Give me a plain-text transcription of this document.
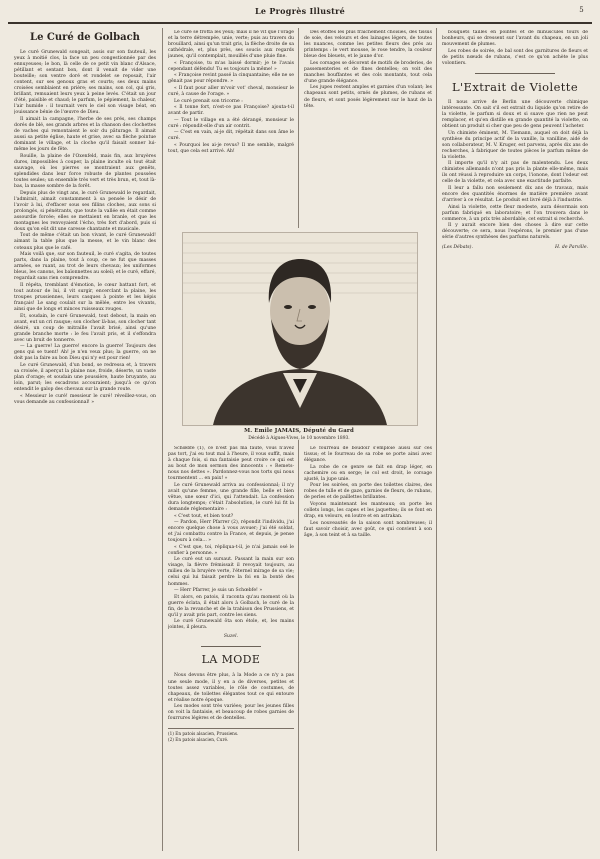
Le Progrès Illustré	5
Le Curé de Golbach

Le curé Grunewald songeait, assis sur son fauteuil, les yeux à moitié clos, la face un peu congestionnée par des ennuyeuses; le bon, là celle de ce petit vin blanc d'Alsace, pétillant et sentant bon, dont il venait de vider une bouteille; son ventre doré et rondelet se reposait, l'air content, sur ses genoux gras et courts; ses deux mains croisées semblaient en prière; ses mains, son col, qui gris, brillant, remuaient leurs yeux à peine levés. C'était un jour d'été, paisible et chaud; le parfum, le pépiement, la chaleur, l'air humide : il tournait vers le ciel son visage béat, en jouissance bénie de l'œuvre de Dieu.

Il aimait la campagne, l'herbe de ses prés, ses champs dorés de blé, ses grands arbres et la chanson des clochettes de vaches qui remontaient le soir du pâturage. Il aimait aussi sa petite église, haute et grise, avec sa flèche pointue dominant le village, et la cloche qu'il faisait sonner lui-même les jours de fête.

Rouille, la plaine de l'Oxenfeld, mais fin, aux bruyères dures, impossibles à couper, la plaine inculte où tout était sauvage, où les pierres se montraient aux genêts, splendides dans leur force robuste de plantes poussées toutes seules; un ensemble très vert et très brun, et, tout là-bas, la masse sombre de la forêt.

Depuis plus de vingt ans, le curé Grunewald le regardait, l'admirait, aimait constamment à sa pensée le désir de l'avoir à lui, d'effacer sous ses fillins cloches, aux sons si prolongés, si pénétrants, que toute la vallée en était comme assourdie forcée; elles se mettaient en branle, et que les montagnes les renvoyaient l'écho, très fort d'abord, puis si doux qu'on eût dit une caresse chantante et musicale.

Tout de même c'était un bon vivant, le curé Grunewald! aimant la table plus que la messe, et le vin blanc des coteaux plus que le café.

Mais voilà que, sur son fauteuil, le curé s'agita, de toutes parts, dans la plaine, tout à coup, ce ne fut que masses armées, se ruant, au trot de leurs chevaux; les uniformes bleus, les canons, les baïonnettes au soleil; et le curé, effaré, regardait sans rien comprendre.

Il répéta, tremblant d'émotion, le cœur battant fort, et tout autour de lui, il vit surgir, encerclant la plaine, les troupes prussiennes, leurs casques à pointe et les képis français! Le sang coulait sur la mêlée, entre les vivants, ainsi que de longs et minces ruisseaux rouges.

Et, soudain, le curé Grunewald, tout debout, la main en avant, eut un cri rauque; son clocher là-bas, son clocher tant désiré, un coup de mitraille l'avait brisé, ainsi qu'une grande branche morte : le feu l'avait pris, et il s'effondra avec un bruit de tonnerre.

— La guerre! La guerre! encore la guerre! Toujours des gens qui se tuent! Ah! je n'en veux plus; la guerre, on ne doit pas la faire au bon Dieu qui n'y est pour rien!

Le curé Grunewald, d'un bond, se redressa et, à travers sa croisée, il aperçut la plaine nue, froide, déserte, un vaste plan d'orage; et soudain une poussière, haute bruyante, au loin, parut; les escadrons accouraient; jusqu'à ce qu'on entendit le galop des chevaux sur la grande route.

« Messieur le curé! messieur le curé! réveillez-vous, on vous demande au confessionnal! »

Le curé se frotta les yeux; mais il ne vit que l'orage et la terre détrempée, unie, verte; puis au travers du brouillard, ainsi qu'un trait gris, la flèche droite de sa cathédrale, et, plus près, ses soucis aux regards jaunes, qu'il contemplait, mouillés d'une pluie fine.

« Françoise, tu m'as laissé dormir; je te l'avais cependant défendu! Tu es toujours la même! »

« Françoise revint passé la cinquantaine; elle ne se gênait pas pour répondre. »

« Il faut pour aller m'voir vot' cheval, monsieur le curé, à cause de l'orage. »

Le curé prenait son tricorne :

« Il tonne fort, n'est-ce pas Françoise? ajouta-t-il avant de partir.

— Tout le village en a été dérangé, monsieur le curé : répondit-elle d'un air contrit.

— C'est en vain, ai-je dit, répétait dans son âme le curé.

« Pourquoi les ai-je revus? Il me semble, malgré tout, que cela est arrivé. Ah!

Des étoffes les plus fraîchement choisies, des tissus de soie, des velours et des lainages légers, de toutes les nuances, comme les petites fleurs des prés au printemps : le vert mousse, le rose tendre, la couleur bleue des bleuets, et le jaune d'or.

Les corsages se décorent de motifs de broderies, de passementeries et de fines dentelles; on voit des manches bouffantes et des cols montants, tout cela d'une grande élégance.

Les jupes restent amples et garnies d'un volant; les chapeaux sont petits, ornés de plumes, de rubans et de fleurs, et sont posés légèrement sur le haut de la tête.

M. Emile JAMAIS, Député du Gard
Décédé à Aigues-Vives, le 10 novembre 1893.

Schœbfe (1), ce n'est pas ma faute, vous n'avez pas tort, j'ai eu tout mal à l'heure, il vous suffit, mais à chaque fois, si ma fantaisie peut croire ce qui est au bout de mon sermon des innocents : « Remets-nous nos dettes ». Pardonnez-vous nos torts qui nous tourmentent ... en paix! »

Le curé Grunewald arriva au confessionnal; il n'y avait qu'une femme, une grande fille, belle et bien vêtue, une sœur d'ici, qui l'attendait. La confession dura longtemps; c'était l'absolution, le curé lui fit la demande réglementaire :

« C'est tout, et bien tout?

— Pardon, Herr Pfarrer (2), répondit l'individu, j'ai encore quelque chose à vous avouer; j'ai été soldat, et j'ai combattu contre la France, et depuis, je pense toujours à cela... »

« C'est que, toi, répliqua-t-il, je n'ai jamais osé le confier à personne. »

Le curé eut un sursaut. Passant la main sur son visage, la fièvre frémissait il revoyait toujours, au milieu de la bruyère verte, l'éternel mirage de sa vie; celui qui lui faisait perdre la foi en la bonté des hommes.

— Herr Pfarrer, je suis un Schœbfe! »

Et alors, en patois, il raconta qu'au moment où la guerre éclata, il était alors à Golbach, le curé de la fin, de la revanche et de la trahison des Prussiens, et qu'il y avait pris part, contre les siens.

Le curé Grunewald ôta son étole, et, les mains jointes, il pleura.

Suzel.

LA MODE

Nous devons être plus, à la Mode a ce n'y a pas une seule mode, il y en a de diverses, petites et toutes assez variables, le rôle de costumes, de chapeaux, de toilettes élégantes tout ce qui entoure et réalise notre époque.

Les modes sont très variées; pour les jeunes filles on voit la fantaisie, et beaucoup de robes garnies de fourrures légères et de dentelles.

(1) En patois alsacien, Prussiens.
(2) En patois alsacien, Curé.

Le fourreau de boudoir s'emploie aussi sur ces tissus; et le fourreau de sa robe se porte ainsi avec élégance.

La robe de ce genre se fait en drap léger, en cachemire ou en serge; le col est droit, le corsage ajusté, la jupe unie.

Pour les soirées, on porte des toilettes claires, des robes de tulle et de gaze, garnies de fleurs, de rubans, de perles et de paillettes brillantes.

Voyons maintenant les manteaux; on porte les collets longs, les capes et les jaquettes; ils se font en drap, en velours, en loutre et en astrakan.

Les nouveautés de la saison sont nombreuses; il faut savoir choisir, avec goût, ce qui convient à son âge, à son teint et à sa taille.

bouquets taillés en pointes et de minuscules tours de bonheurs, qui se dressent sur l'avant du chapeau, en un joli mouvement de plumes.

Les robes de soirée, de bal sont des garnitures de fleurs et de petits nœuds de rubans, c'est ce qu'on achète le plus volontiers.

L'Extrait de Violette

Il nous arrive de Berlin une découverte chimique intéressante. On sait s'il est extrait du liquide qu'on retire de la violette, le parfum si doux et si suave que rien ne peut remplacer, et qu'en distille en grande quantité la violette, on obtient un produit si cher que peu de gens peuvent l'acheter.

Un chimiste éminent, M. Tiemann, auquel on doit déjà la synthèse du principe actif de la vanille, la vanilline, aidé de son collaborateur, M. V. Kruger, est parvenu, après dix ans de recherches, à fabriquer de toutes pièces le parfum même de la violette.

Il importe qu'il n'y ait pas de malentendu. Les deux chimistes allemands n'ont pas pris la plante elle-même, mais ils ont réussi à reproduire un corps, l'ionone, dont l'odeur est celle de la violette, et cela avec une exactitude parfaite.

Il leur a fallu non seulement dix ans de travaux, mais encore des quantités énormes de matière première avant d'arriver à ce résultat. Le produit est livré déjà à l'industrie.

Ainsi la violette, cette fleur modeste, aura désormais son parfum fabriqué en laboratoire; et l'on trouvera dans le commerce, à un prix très abordable, cet extrait si recherché.

Il y aurait encore bien des choses à dire sur cette découverte; ce sera, nous l'espérons, le premier pas d'une série d'autres synthèses des parfums naturels.

(Les Débats).	H. de Parville.
